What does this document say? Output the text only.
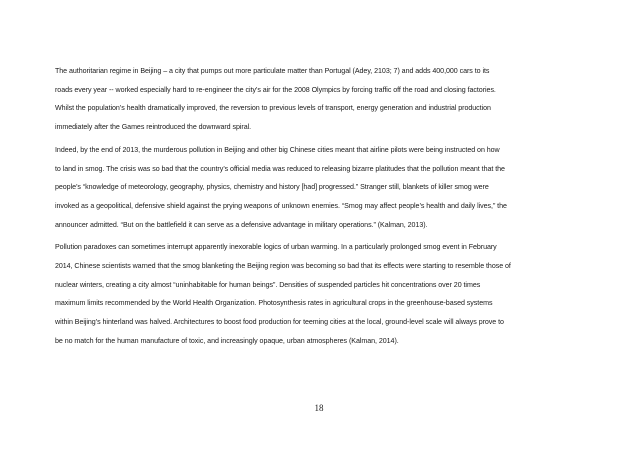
The authoritarian regime in Beijing – a city that pumps out more particulate matter than Portugal (Adey, 2103; 7) and adds 400,000 cars to its
roads every year -- worked especially hard to re-engineer the city’s air for the 2008 Olympics by forcing traffic off the road and closing factories.
Whilst the population’s health dramatically improved, the reversion to previous levels of transport, energy generation and industrial production
immediately after the Games reintroduced the downward spiral.

Indeed, by the end of 2013, the murderous pollution in Beijing and other big Chinese cities meant that airline pilots were being instructed on how
to land in smog. The crisis was so bad that the country’s official media was reduced to releasing bizarre platitudes that the pollution meant that the
people’s “knowledge of meteorology, geography, physics, chemistry and history [had] progressed.” Stranger still, blankets of killer smog were
invoked as a geopolitical, defensive shield against the prying weapons of unknown enemies. “Smog may affect people’s health and daily lives,” the
announcer admitted. “But on the battlefield it can serve as a defensive advantage in military operations.” (Kalman, 2013).

Pollution paradoxes can sometimes interrupt apparently inexorable logics of urban warming. In a particularly prolonged smog event in February
2014, Chinese scientists warned that the smog blanketing the Beijing region was becoming so bad that its effects were starting to resemble those of
nuclear winters, creating a city almost “uninhabitable for human beings”. Densities of suspended particles hit concentrations over 20 times
maximum limits recommended by the World Health Organization. Photosynthesis rates in agricultural crops in the greenhouse-based systems
within Beijing’s hinterland was halved. Architectures to boost food production for teeming cities at the local, ground-level scale will always prove to
be no match for the human manufacture of toxic, and increasingly opaque, urban atmospheres (Kalman, 2014).

18
